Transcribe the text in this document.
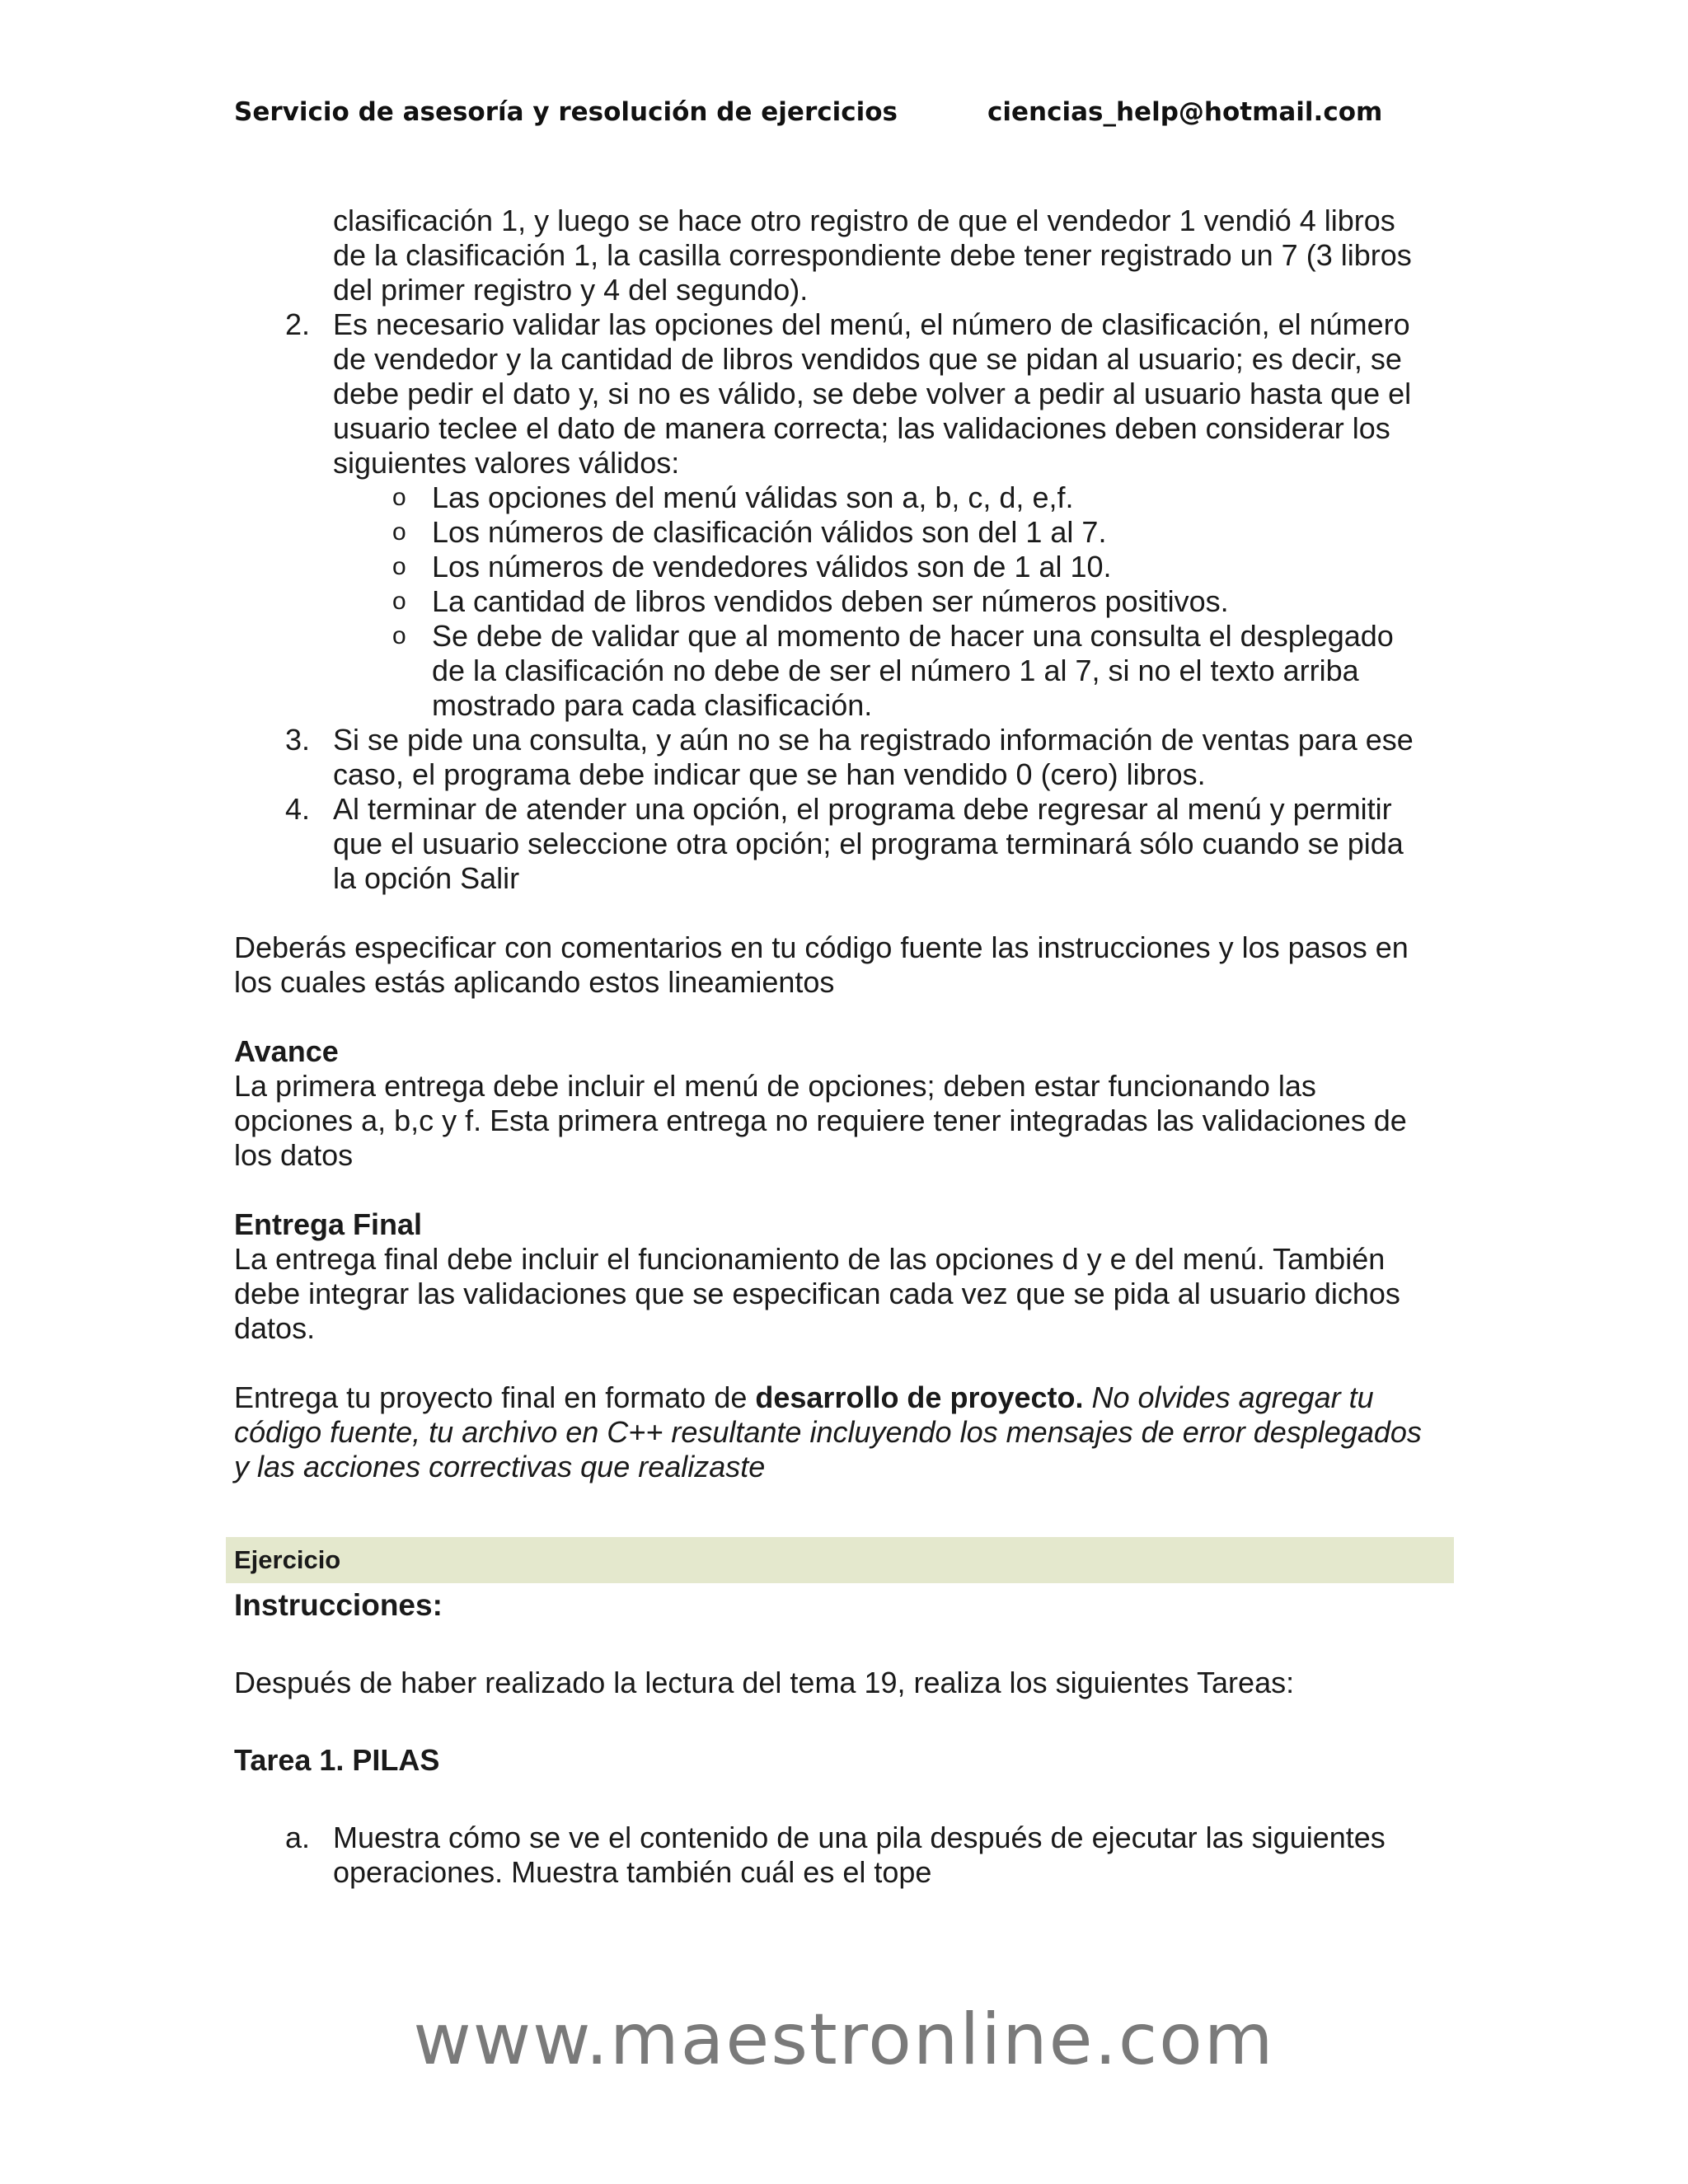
Servicio de asesoría y resolución de ejercicios	ciencias_help@hotmail.com
clasificación 1, y luego se hace otro registro de que el vendedor 1 vendió 4 libros
de la clasificación 1, la casilla correspondiente debe tener registrado un 7 (3 libros
del primer registro y 4 del segundo).
2. Es necesario validar las opciones del menú, el número de clasificación, el número
de vendedor y la cantidad de libros vendidos que se pidan al usuario; es decir, se
debe pedir el dato y, si no es válido, se debe volver a pedir al usuario hasta que el
usuario teclee el dato de manera correcta; las validaciones deben considerar los
siguientes valores válidos:
o Las opciones del menú válidas son a, b, c, d, e,f.
o Los números de clasificación válidos son del 1 al 7.
o Los números de vendedores válidos son de 1 al 10.
o La cantidad de libros vendidos deben ser números positivos.
o Se debe de validar que al momento de hacer una consulta el desplegado
de la clasificación no debe de ser el número 1 al 7, si no el texto arriba
mostrado para cada clasificación.
3. Si se pide una consulta, y aún no se ha registrado información de ventas para ese
caso, el programa debe indicar que se han vendido 0 (cero) libros.
4. Al terminar de atender una opción, el programa debe regresar al menú y permitir
que el usuario seleccione otra opción; el programa terminará sólo cuando se pida
la opción Salir
Deberás especificar con comentarios en tu código fuente las instrucciones y los pasos en
los cuales estás aplicando estos lineamientos
Avance
La primera entrega debe incluir el menú de opciones; deben estar funcionando las
opciones a, b,c y f. Esta primera entrega no requiere tener integradas las validaciones de
los datos
Entrega Final
La entrega final debe incluir el funcionamiento de las opciones d y e del menú. También
debe integrar las validaciones que se especifican cada vez que se pida al usuario dichos
datos.
Entrega tu proyecto final en formato de desarrollo de proyecto. No olvides agregar tu
código fuente, tu archivo en C++ resultante incluyendo los mensajes de error desplegados
y las acciones correctivas que realizaste
Ejercicio
Instrucciones:
Después de haber realizado la lectura del tema 19, realiza los siguientes Tareas:
Tarea 1. PILAS
a. Muestra cómo se ve el contenido de una pila después de ejecutar las siguientes
operaciones. Muestra también cuál es el tope
www.maestronline.com
